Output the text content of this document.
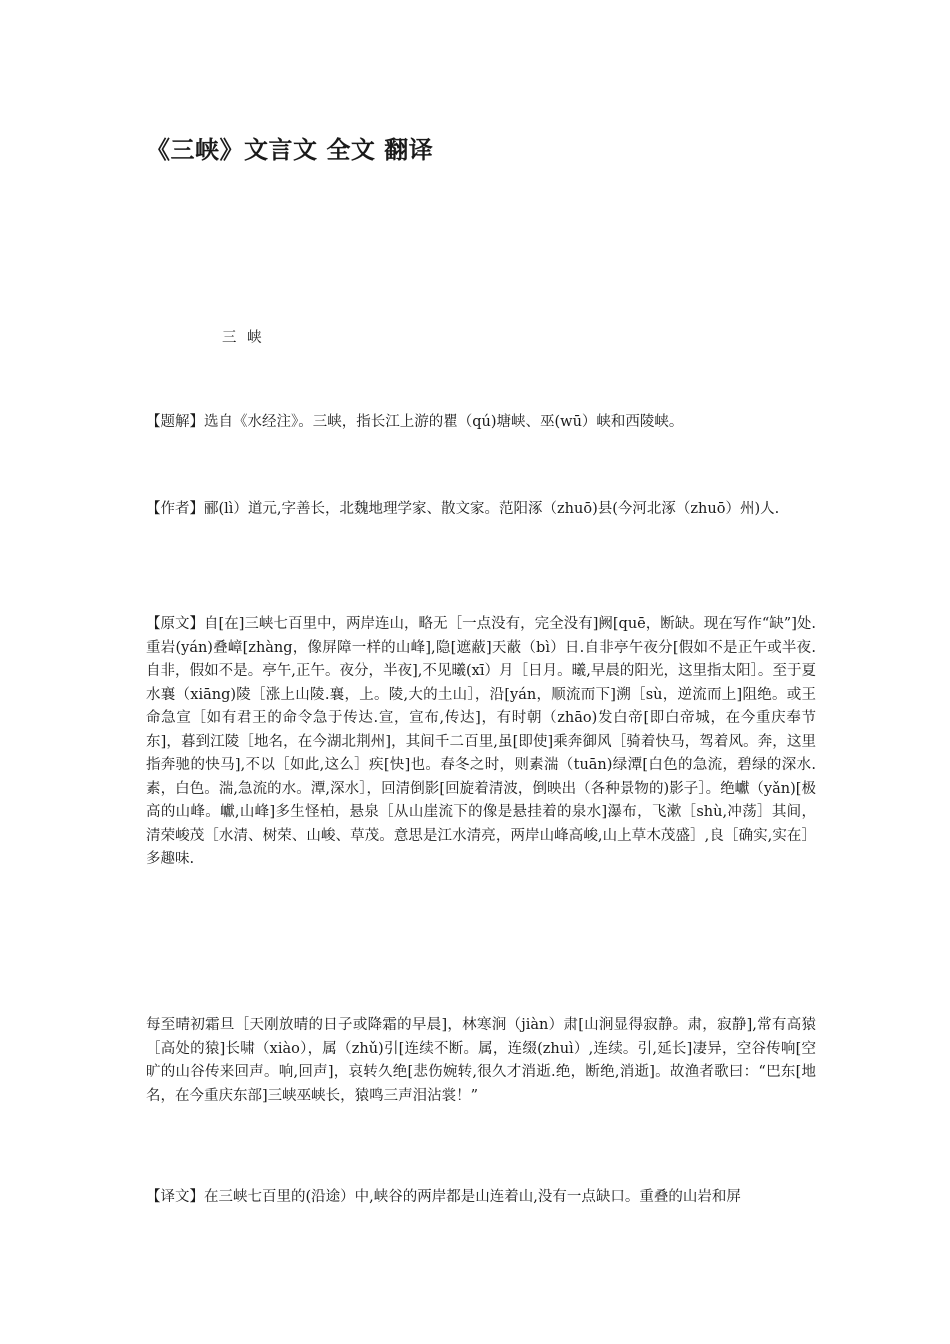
《三峡》文言文 全文 翻译
三 峡

【题解】选自《水经注》。三峡，指长江上游的瞿（qú)塘峡、巫(wū）峡和西陵峡。

【作者】郦(lì）道元,字善长，北魏地理学家、散文家。范阳涿（zhuō)县(今河北涿（zhuō）州)人.

【原文】自[在]三峡七百里中，两岸连山，略无［一点没有，完全没有]阙[quē，断缺。现在写作“缺”]处.重岩(yán)叠嶂[zhàng，像屏障一样的山峰],隐[遮蔽]天蔽（bì）日.自非亭午夜分[假如不是正午或半夜.自非，假如不是。亭午,正午。夜分，半夜],不见曦(xī）月［日月。曦,早晨的阳光，这里指太阳］。至于夏水襄（xiāng)陵［涨上山陵.襄，上。陵,大的土山］，沿[yán，顺流而下]溯［sù，逆流而上]阻绝。或王命急宣［如有君王的命令急于传达.宣，宣布,传达]，有时朝（zhāo)发白帝[即白帝城，在今重庆奉节东]，暮到江陵［地名，在今湖北荆州]，其间千二百里,虽[即使]乘奔御风［骑着快马，驾着风。奔，这里指奔驰的快马],不以［如此,这么］疾[快]也。春冬之时，则素湍（tuān)绿潭[白色的急流，碧绿的深水.素，白色。湍,急流的水。潭,深水］，回清倒影[回旋着清波，倒映出（各种景物的)影子］。绝巘（yǎn)[极高的山峰。巘,山峰]多生怪柏，悬泉［从山崖流下的像是悬挂着的泉水]瀑布，飞漱［shù,冲荡］其间，清荣峻茂［水清、树荣、山峻、草茂。意思是江水清亮，两岸山峰高峻,山上草木茂盛］,良［确实,实在］多趣味.

每至晴初霜旦［天刚放晴的日子或降霜的早晨]，林寒涧（jiàn）肃[山涧显得寂静。肃，寂静],常有高猿［高处的猿]长啸（xiào），属（zhǔ)引[连续不断。属，连缀(zhuì）,连续。引,延长]凄异，空谷传响[空旷的山谷传来回声。响,回声]，哀转久绝[悲伤婉转,很久才消逝.绝，断绝,消逝]。故渔者歌曰：“巴东[地名，在今重庆东部]三峡巫峡长，猿鸣三声泪沾裳！”

【译文】在三峡七百里的(沿途）中,峡谷的两岸都是山连着山,没有一点缺口。重叠的山岩和屏
